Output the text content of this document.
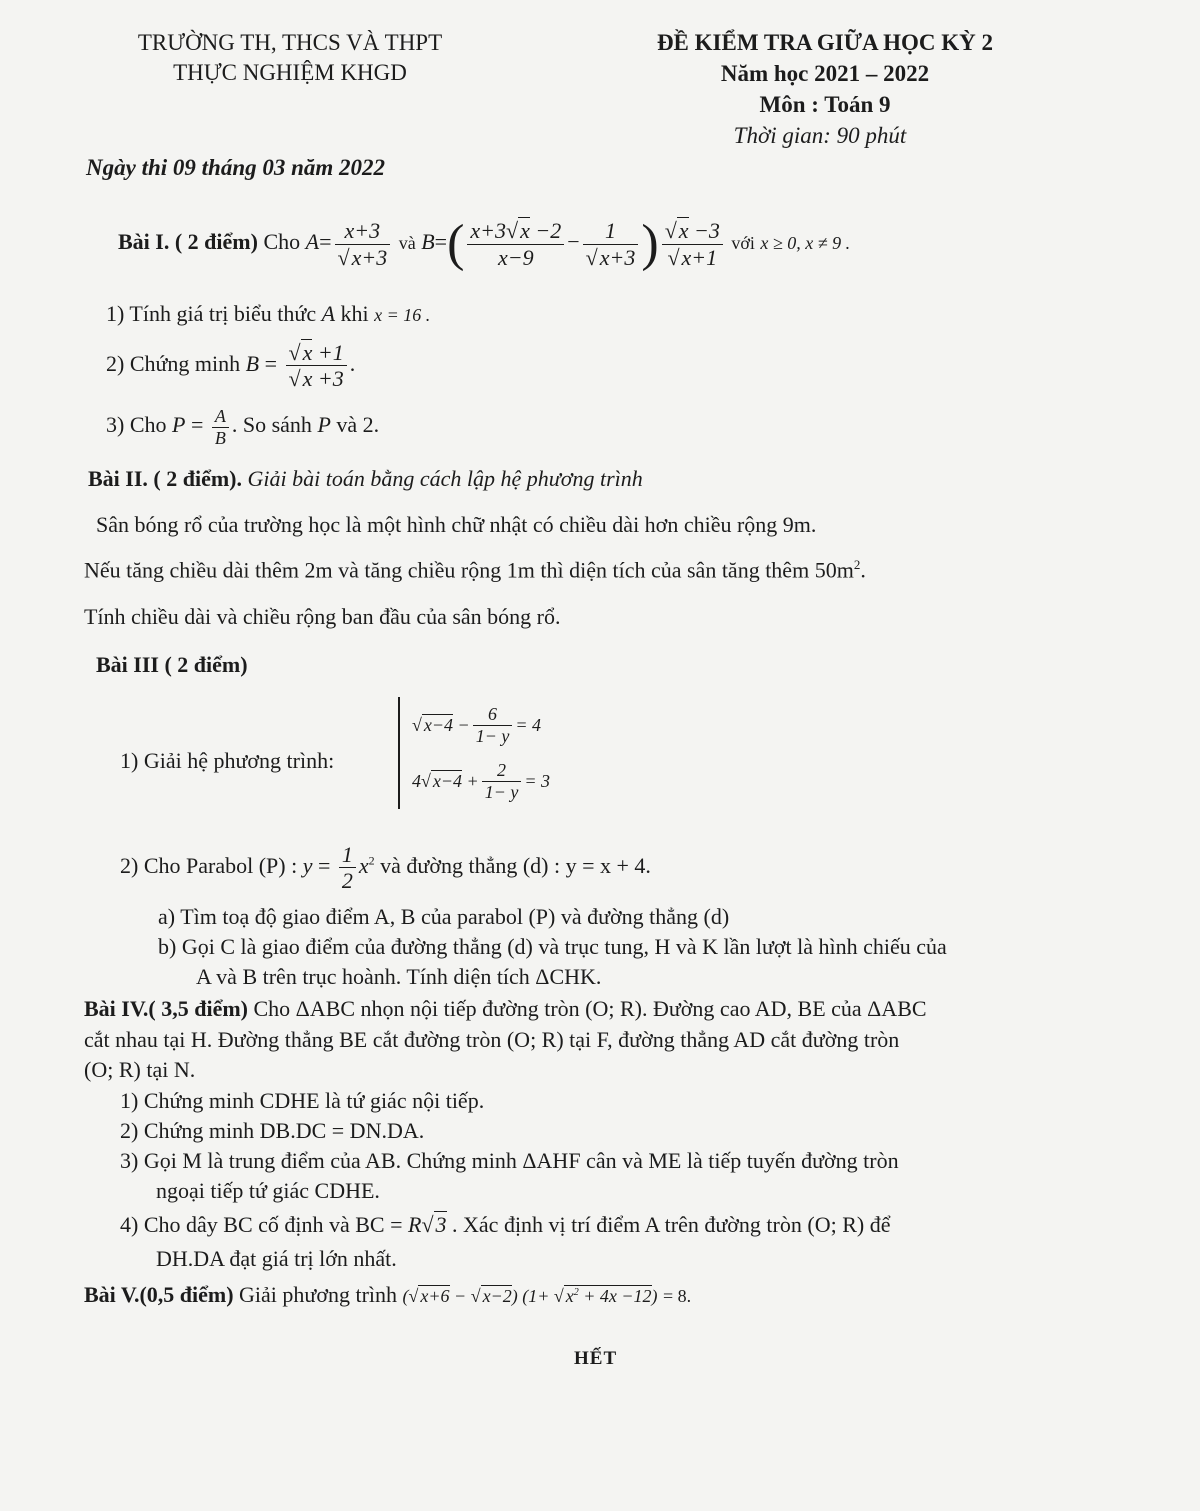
TRƯỜNG TH, THCS VÀ THPT
THỰC NGHIỆM KHGD
ĐỀ KIỂM TRA GIỮA HỌC KỲ 2
Năm học 2021 – 2022
Môn : Toán 9
Thời gian: 90 phút
Ngày thi 09 tháng 03 năm 2022
Bài I. ( 2 điểm) Cho $A= \frac{x+3}{√x+3}$ và $B=( \frac{x+3√x -2}{x-9} - \frac{1}{√x+3}$ ) $\frac{√x -3}{√x+1}$ với x ≥ 0, x ≠ 9 .
1) Tính giá trị biểu thức A khi x = 16 .
2) Chứng minh $B = \frac{√x +1}{√x +3}$ .
3) Cho $P = \frac{A}{B}$ . So sánh P và 2.
Bài II. ( 2 điểm). Giải bài toán bằng cách lập hệ phương trình
Sân bóng rổ của trường học là một hình chữ nhật có chiều dài hơn chiều rộng 9m.
Nếu tăng chiều dài thêm 2m và tăng chiều rộng 1m thì diện tích của sân tăng thêm $50m^2$.
Tính chiều dài và chiều rộng ban đầu của sân bóng rổ.
Bài III ( 2 điểm)
1) Giải hệ phương trình:
√ $x-4 - \frac{6}{1- y} = 4$
4√ $x-4 + \frac{2}{1- y} = 3$
2) Cho Parabol (P) : $y = \frac{1}{2} x^2$ và đường thẳng (d) : y = x + 4.
a) Tìm toạ độ giao điểm A, B của parabol (P) và đường thẳng (d)
b) Gọi C là giao điểm của đường thẳng (d) và trục tung, H và K lần lượt là hình chiếu của
A và B trên trục hoành. Tính diện tích ΔCHK.
Bài IV.( 3,5 điểm) Cho ΔABC nhọn nội tiếp đường tròn (O; R). Đường cao AD, BE của ΔABC
cắt nhau tại H. Đường thẳng BE cắt đường tròn (O; R) tại F, đường thẳng AD cắt đường tròn
(O; R) tại N.
1) Chứng minh CDHE là tứ giác nội tiếp.
2) Chứng minh DB.DC = DN.DA.
3) Gọi M là trung điểm của AB. Chứng minh ΔAHF cân và ME là tiếp tuyến đường tròn
ngoại tiếp tứ giác CDHE.
4) Cho dây BC cố định và BC = R√3 . Xác định vị trí điểm A trên đường tròn (O; R) để
DH.DA đạt giá trị lớn nhất.
Bài V.(0,5 điểm) Giải phương trình (√ x+6 − √ x−2) (1+ √ $x^2 + 4x -12) = 8$.
HẾT
